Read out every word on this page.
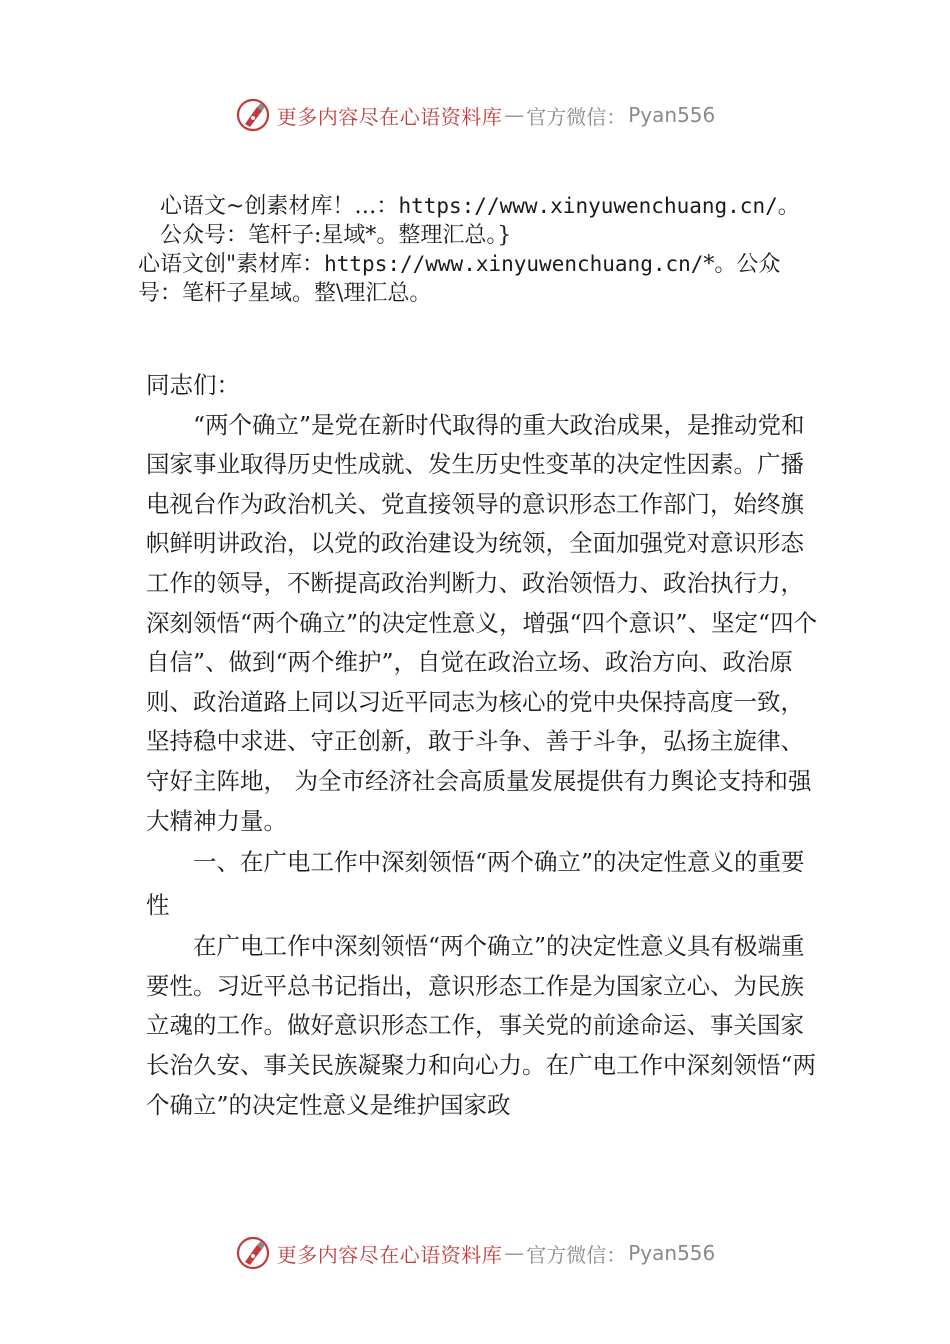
更多内容尽在心语资料库 — 官方微信： Pyan556
心语文~创素材库！…：https://www.xinyuwenchuang.cn/。
公众号：笔杆子:星域*。整理汇总。}
心语文创"素材库：https://www.xinyuwenchuang.cn/*。公众
号：笔杆子星域。整\理汇总。

同志们：

“两个确立”是党在新时代取得的重大政治成果，是推动党和国家事业取得历史性成就、发生历史性变革的决定性因素。广播电视台作为政治机关、党直接领导的意识形态工作部门，始终旗帜鲜明讲政治，以党的政治建设为统领，全面加强党对意识形态工作的领导，不断提高政治判断力、政治领悟力、政治执行力，深刻领悟“两个确立”的决定性意义，增强“四个意识”、坚定“四个自信”、做到“两个维护”，自觉在政治立场、政治方向、政治原则、政治道路上同以习近平同志为核心的党中央保持高度一致，坚持稳中求进、守正创新，敢于斗争、善于斗争，弘扬主旋律、守好主阵地， 为全市经济社会高质量发展提供有力舆论支持和强大精神力量。

一、在广电工作中深刻领悟“两个确立”的决定性意义的重要性

在广电工作中深刻领悟“两个确立”的决定性意义具有极端重要性。习近平总书记指出，意识形态工作是为国家立心、为民族立魂的工作。做好意识形态工作，事关党的前途命运、事关国家长治久安、事关民族凝聚力和向心力。在广电工作中深刻领悟“两个确立”的决定性意义是维护国家政

更多内容尽在心语资料库 — 官方微信： Pyan556
